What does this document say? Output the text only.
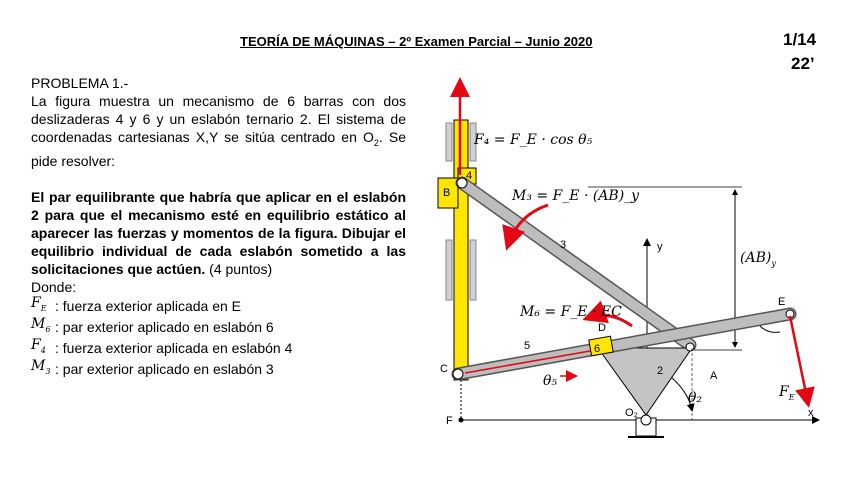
TEORÍA DE MÁQUINAS – 2º Examen Parcial – Junio 2020	1/14
22’

PROBLEMA 1.-

La figura muestra un mecanismo de 6 barras con dos deslizaderas 4 y 6 y un eslabón ternario 2. El sistema de coordenadas cartesianas X,Y se sitúa centrado en $O_2$. Se pide resolver:

El par equilibrante que habría que aplicar en el eslabón 2 para que el mecanismo esté en equilibrio estático al aparecer las fuerzas y momentos de la figura. Dibujar el equilibrio individual de cada eslabón sometido a las solicitaciones que actúen. (4 puntos)

Donde:

$F_E$ : fuerza exterior aplicada en E
$M_6$ : par exterior aplicado en eslabón 6
$F_4$ : fuerza exterior aplicada en eslabón 4
$M_3$ : par exterior aplicado en eslabón 3
B
4
C
F
3
5	6
D
2	A
E
O₂
y
x
F₄ = F_E · cos θ₅
M₃ = F_E · (AB)_y
M₆ = F_E · EC
$(AB)_y$
θ₅
θ₂	$F_E$
